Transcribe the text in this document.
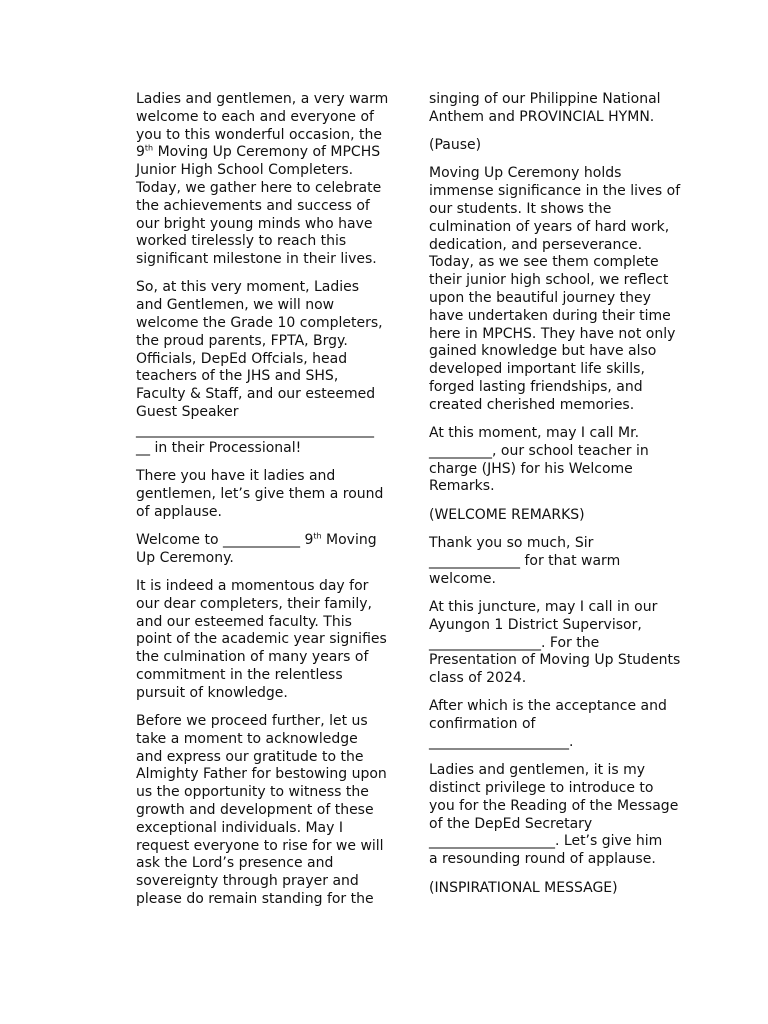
Ladies and gentlemen, a very warm
welcome to each and everyone of
you to this wonderful occasion, the
9th Moving Up Ceremony of MPCHS
Junior High School Completers.
Today, we gather here to celebrate
the achievements and success of
our bright young minds who have
worked tirelessly to reach this
significant milestone in their lives.

So, at this very moment, Ladies
and Gentlemen, we will now
welcome the Grade 10 completers,
the proud parents, FPTA, Brgy.
Officials, DepEd Offcials, head
teachers of the JHS and SHS,
Faculty & Staff, and our esteemed
Guest Speaker
__________________________________
__ in their Processional!

There you have it ladies and
gentlemen, let’s give them a round
of applause.

Welcome to ___________ 9th Moving
Up Ceremony.

It is indeed a momentous day for
our dear completers, their family,
and our esteemed faculty. This
point of the academic year signifies
the culmination of many years of
commitment in the relentless
pursuit of knowledge.

Before we proceed further, let us
take a moment to acknowledge
and express our gratitude to the
Almighty Father for bestowing upon
us the opportunity to witness the
growth and development of these
exceptional individuals. May I
request everyone to rise for we will
ask the Lord’s presence and
sovereignty through prayer and
please do remain standing for the

singing of our Philippine National
Anthem and PROVINCIAL HYMN.

(Pause)

Moving Up Ceremony holds
immense significance in the lives of
our students. It shows the
culmination of years of hard work,
dedication, and perseverance.
Today, as we see them complete
their junior high school, we reflect
upon the beautiful journey they
have undertaken during their time
here in MPCHS. They have not only
gained knowledge but have also
developed important life skills,
forged lasting friendships, and
created cherished memories.

At this moment, may I call Mr.
_________, our school teacher in
charge (JHS) for his Welcome
Remarks.

(WELCOME REMARKS)

Thank you so much, Sir
_____________ for that warm
welcome.

At this juncture, may I call in our
Ayungon 1 District Supervisor,
________________. For the
Presentation of Moving Up Students
class of 2024.

After which is the acceptance and
confirmation of
____________________.

Ladies and gentlemen, it is my
distinct privilege to introduce to
you for the Reading of the Message
of the DepEd Secretary
__________________. Let’s give him
a resounding round of applause.

(INSPIRATIONAL MESSAGE)
